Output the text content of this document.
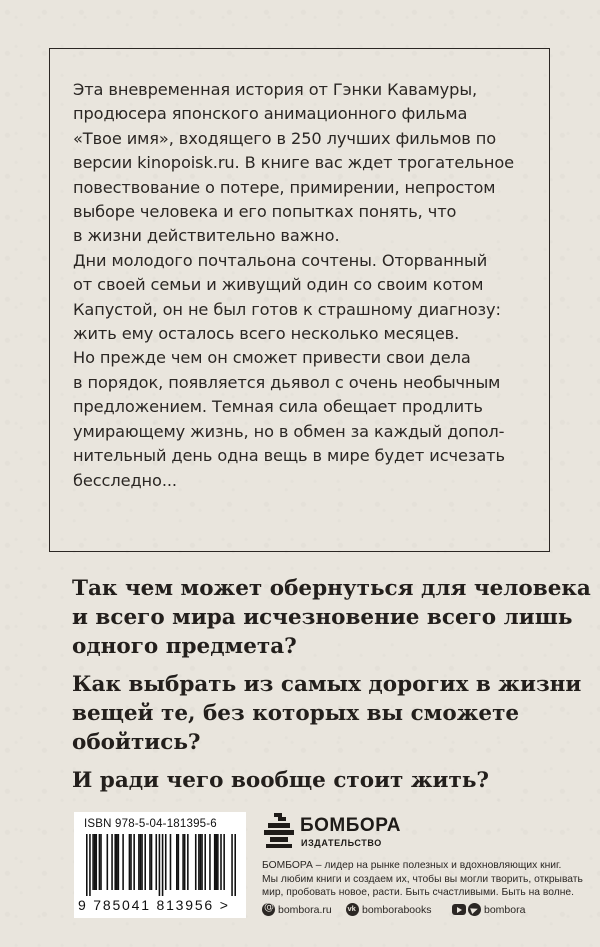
Эта вневременная история от Гэнки Кавамуры,
продюсера японского анимационного фильма
«Твое имя», входящего в 250 лучших фильмов по
версии kinopoisk.ru. В книге вас ждет трогательное
повествование о потере, примирении, непростом
выборе человека и его попытках понять, что
в жизни действительно важно.
Дни молодого почтальона сочтены. Оторванный
от своей семьи и живущий один со своим котом
Капустой, он не был готов к страшному диагнозу:
жить ему осталось всего несколько месяцев.
Но прежде чем он сможет привести свои дела
в порядок, появляется дьявол с очень необычным
предложением. Темная сила обещает продлить
умирающему жизнь, но в обмен за каждый допол-
нительный день одна вещь в мире будет исчезать
бесследно...
Так чем может обернуться для человека
и всего мира исчезновение всего лишь
одного предмета?
Как выбрать из самых дорогих в жизни
вещей те, без которых вы сможете
обойтись?
И ради чего вообще стоит жить?
ISBN 978-5-04-181395-6
9 785041 813956 >
БОМБОРА
ИЗДАТЕЛЬСТВО
БОМБОРА – лидер на рынке полезных и вдохновляющих книг.
Мы любим книги и создаем их, чтобы вы могли творить, открывать
мир, пробовать новое, расти. Быть счастливыми. Быть на волне.
@
bombora.ru
vk	bomborabooks	bombora
